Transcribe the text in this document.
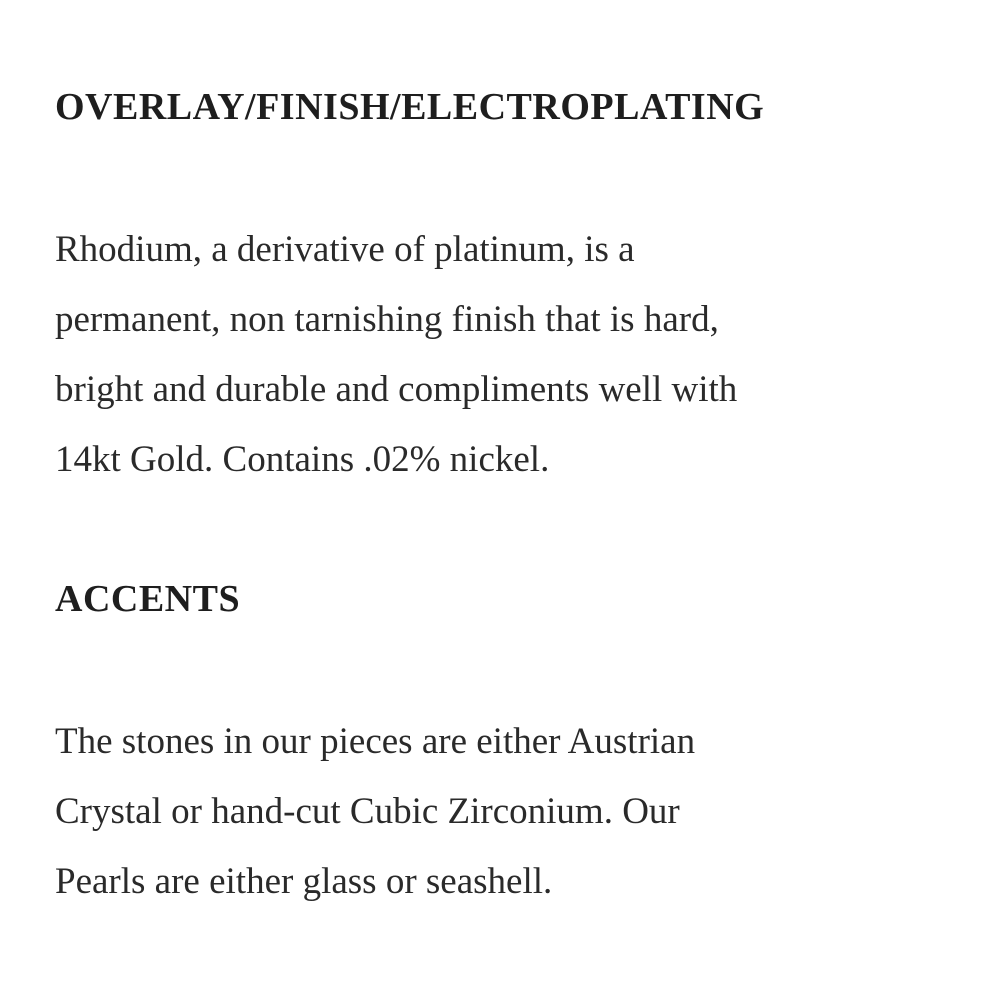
OVERLAY/FINISH/ELECTROPLATING

Rhodium, a derivative of platinum, is a
permanent, non tarnishing finish that is hard,
bright and durable and compliments well with
14kt Gold. Contains .02% nickel.

ACCENTS

The stones in our pieces are either Austrian
Crystal or hand-cut Cubic Zirconium. Our
Pearls are either glass or seashell.
